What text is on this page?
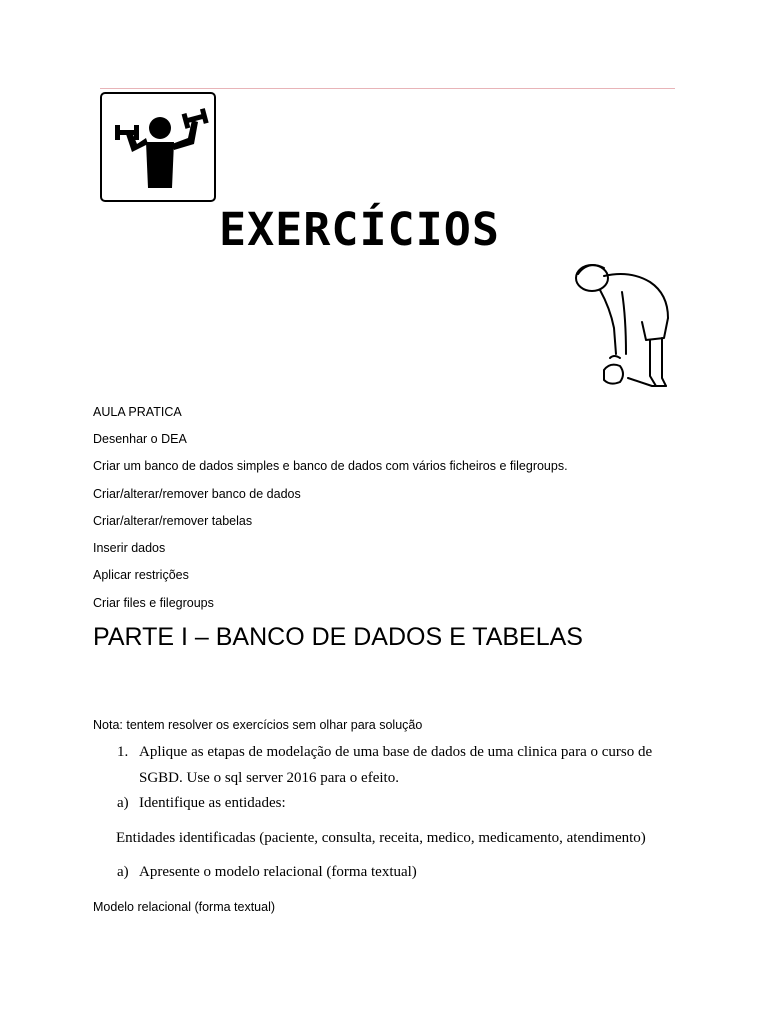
EXERCÍCIOS
AULA PRATICA
Desenhar o DEA
Criar um banco de dados simples e banco de dados com vários ficheiros e filegroups.
Criar/alterar/remover banco de dados
Criar/alterar/remover tabelas
Inserir dados
Aplicar restrições
Criar files e filegroups
PARTE I – BANCO DE DADOS E TABELAS
Nota: tentem resolver os exercícios sem olhar para solução
1. Aplique as etapas de modelação de uma base de dados de uma clinica para o curso de
SGBD. Use o sql server 2016 para o efeito.
a) Identifique as entidades:
Entidades identificadas (paciente, consulta, receita, medico, medicamento, atendimento)
a) Apresente o modelo relacional (forma textual)
Modelo relacional (forma textual)
